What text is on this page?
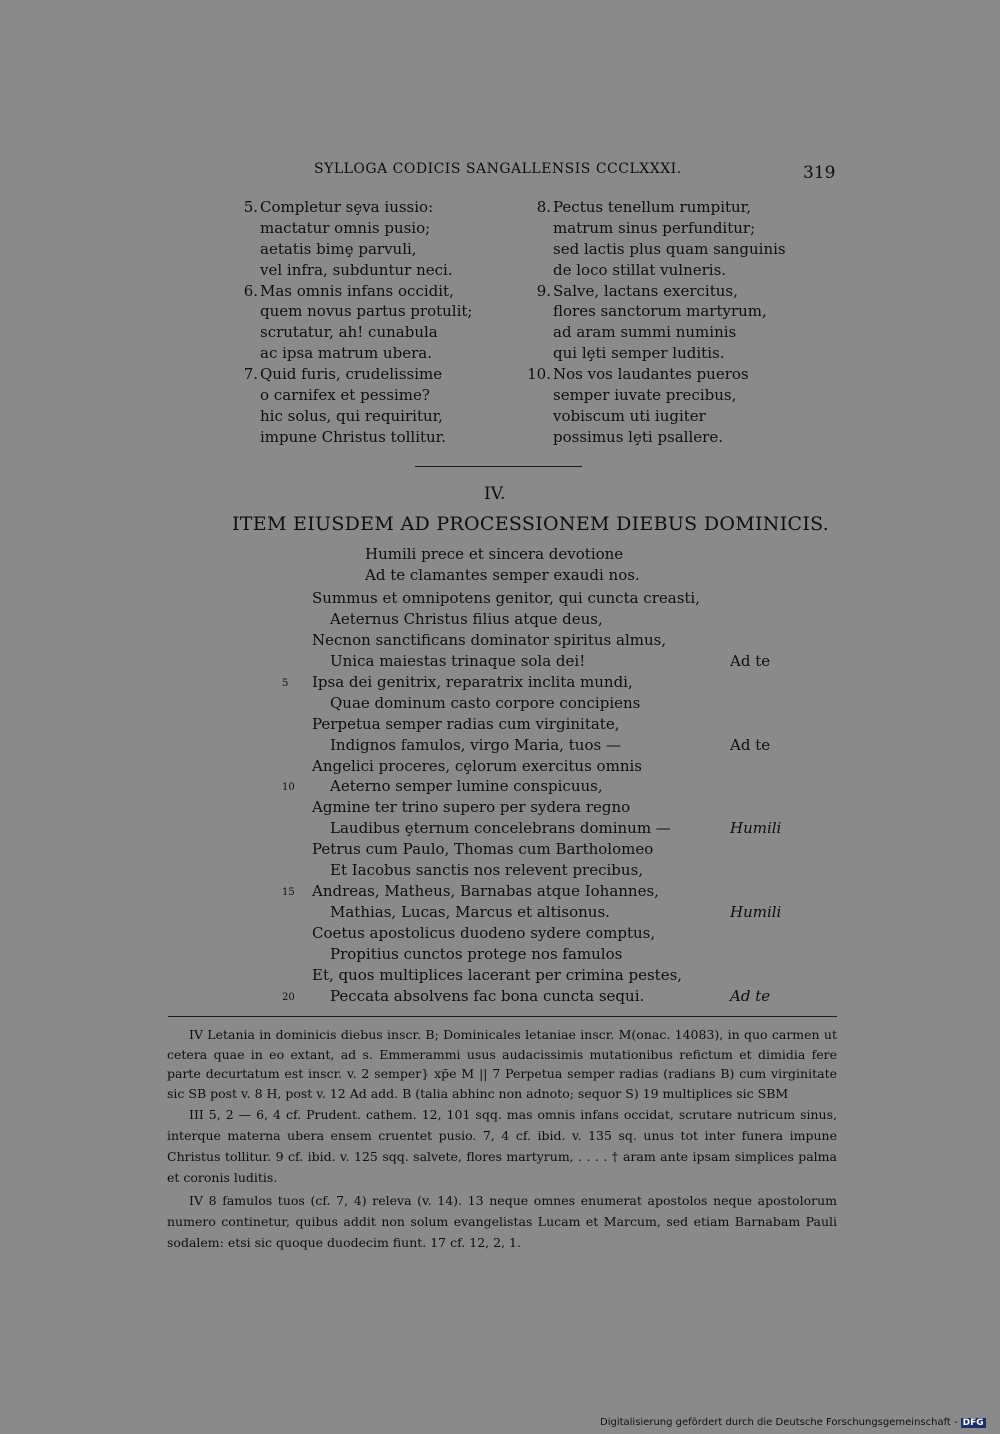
SYLLOGA CODICIS SANGALLENSIS CCCLXXXI.	319
5. Completur sȩva iussio:
mactatur omnis pusio;
aetatis bimȩ parvuli,
vel infra, subduntur neci.
6. Mas omnis infans occidit,
quem novus partus protulit;
scrutatur, ah! cunabula
ac ipsa matrum ubera.
7. Quid furis, crudelissime
o carnifex et pessime?
hic solus, qui requiritur,
impune Christus tollitur.
8. Pectus tenellum rumpitur,
matrum sinus perfunditur;
sed lactis plus quam sanguinis
de loco stillat vulneris.
9. Salve, lactans exercitus,
flores sanctorum martyrum,
ad aram summi numinis
qui lȩti semper luditis.
10. Nos vos laudantes pueros
semper iuvate precibus,
vobiscum uti iugiter
possimus lȩti psallere.
IV.
ITEM EIUSDEM AD PROCESSIONEM DIEBUS DOMINICIS.
Humili prece et sincera devotione
Ad te clamantes semper exaudi nos.
Summus et omnipotens genitor, qui cuncta creasti,
Aeternus Christus filius atque deus,
Necnon sanctificans dominator spiritus almus,
Unica maiestas trinaque sola dei!	Ad te
5 Ipsa dei genitrix, reparatrix inclita mundi,
Quae dominum casto corpore concipiens
Perpetua semper radias cum virginitate,
Indignos famulos, virgo Maria, tuos —	Ad te
Angelici proceres, cȩlorum exercitus omnis
10 Aeterno semper lumine conspicuus,
Agmine ter trino supero per sydera regno
Laudibus ȩternum concelebrans dominum —	Humili
Petrus cum Paulo, Thomas cum Bartholomeo
Et Iacobus sanctis nos relevent precibus,
15 Andreas, Matheus, Barnabas atque Iohannes,
Mathias, Lucas, Marcus et altisonus.	Humili
Coetus apostolicus duodeno sydere comptus,
Propitius cunctos protege nos famulos
Et, quos multiplices lacerant per crimina pestes,
20 Peccata absolvens fac bona cuncta sequi.	Ad te

IV Letania in dominicis diebus inscr. B; Dominicales letaniae inscr. M(onac. 14083), in quo carmen ut cetera quae in eo extant, ad s. Emmerammi usus audacissimis mutationibus refictum et dimidia fere parte decurtatum est inscr. v. 2 semper} xp̄e M || 7 Perpetua semper radias (radians B) cum virginitate sic SB post v. 8 H, post v. 12 Ad add. B (talia abhinc non adnoto; sequor S) 19 multiplices sic SBM

III 5, 2 — 6, 4 cf. Prudent. cathem. 12, 101 sqq. mas omnis infans occidat, scrutare nutricum sinus, interque materna ubera ensem cruentet pusio. 7, 4 cf. ibid. v. 135 sq. unus tot inter funera impune Christus tollitur. 9 cf. ibid. v. 125 sqq. salvete, flores martyrum, . . . . † aram ante ipsam simplices palma et coronis luditis.

IV 8 famulos tuos (cf. 7, 4) releva (v. 14). 13 neque omnes enumerat apostolos neque apostolorum numero continetur, quibus addit non solum evangelistas Lucam et Marcum, sed etiam Barnabam Pauli sodalem: etsi sic quoque duodecim fiunt. 17 cf. 12, 2, 1.

Digitalisierung gefördert durch die Deutsche Forschungsgemeinschaft - DFG
